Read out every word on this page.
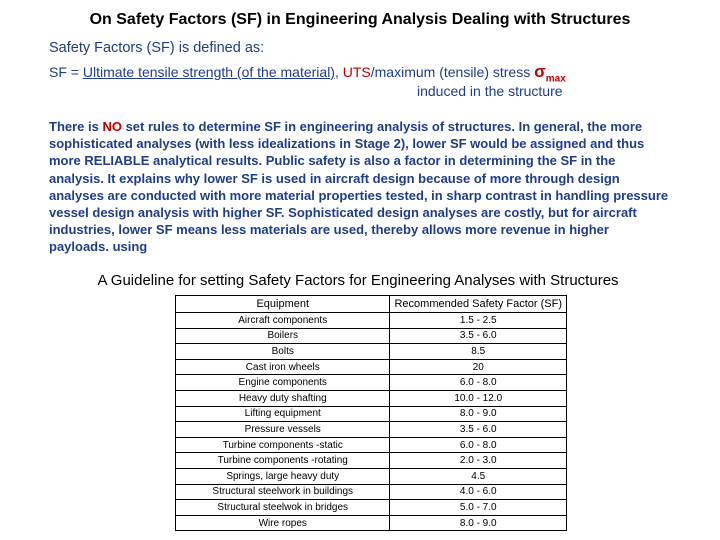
On Safety Factors (SF) in Engineering Analysis Dealing with Structures
Safety Factors (SF) is defined as:
SF = Ultimate tensile strength (of the material), UTS/maximum (tensile) stress $\sigma_{max}$
induced in the structure
There is NO set rules to determine SF in engineering analysis of structures. In general, the more sophisticated analyses (with less idealizations in Stage 2), lower SF would be assigned and thus more RELIABLE analytical results. Public safety is also a factor in determining the SF in the analysis. It explains why lower SF is used in aircraft design because of more through design analyses are conducted with more material properties tested, in sharp contrast in handling pressure vessel design analysis with higher SF. Sophisticated design analyses are costly, but for aircraft industries, lower SF means less materials are used, thereby allows more revenue in higher payloads. using
A Guideline for setting Safety Factors for Engineering Analyses with Structures
Equipment	Recommended Safety Factor (SF)
Aircraft components	1.5 - 2.5
Boilers	3.5 - 6.0
Bolts	8.5
Cast iron wheels	20
Engine components	6.0 - 8.0
Heavy duty shafting	10.0 - 12.0
Lifting equipment	8.0 - 9.0
Pressure vessels	3.5 - 6.0
Turbine components -static	6.0 - 8.0
Turbine components -rotating	2.0 - 3.0
Springs, large heavy duty	4.5
Structural steelwork in buildings	4.0 - 6.0
Structural steelwok in bridges	5.0 - 7.0
Wire ropes	8.0 - 9.0
